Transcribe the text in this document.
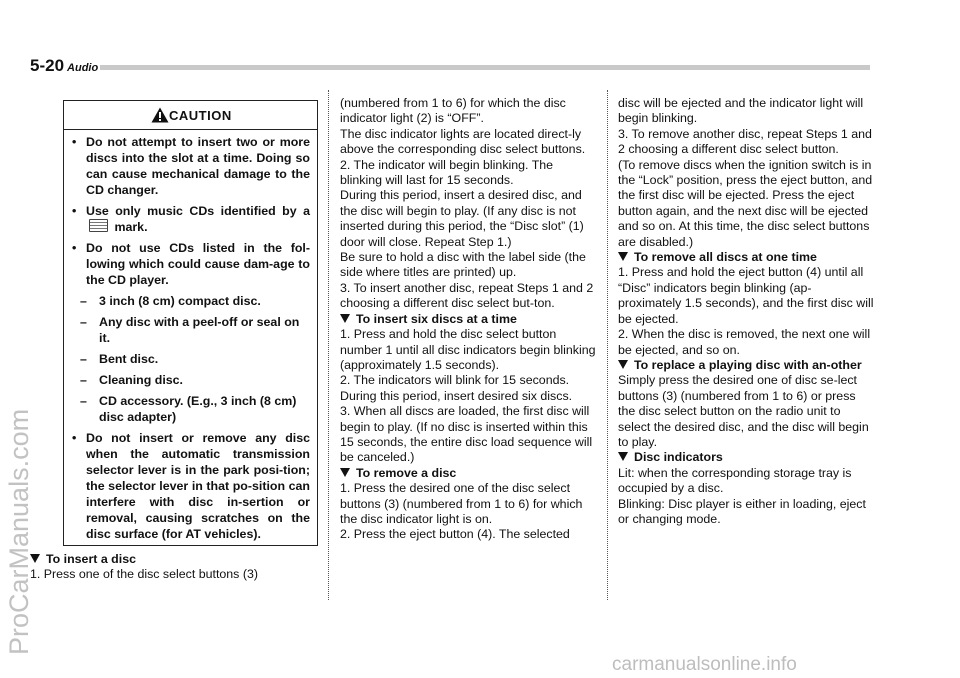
5-20 Audio
CAUTION
• Do not attempt to insert two or more discs into the slot at a time. Doing so can cause mechanical damage to the CD changer.
• Use only music CDs identified by a  mark.
• Do not use CDs listed in the fol-lowing which could cause dam-age to the CD player.
– 3 inch (8 cm) compact disc.
– Any disc with a peel-off or seal on it.
– Bent disc.
– Cleaning disc.
– CD accessory. (E.g., 3 inch (8 cm) disc adapter)
• Do not insert or remove any disc when the automatic transmission selector lever is in the park posi-tion; the selector lever in that po-sition can interfere with disc in-sertion or removal, causing scratches on the disc surface (for AT vehicles).

To insert a disc

1. Press one of the disc select buttons (3)

(numbered from 1 to 6) for which the disc indicator light (2) is “OFF”.

The disc indicator lights are located direct-ly above the corresponding disc select buttons.

2. The indicator will begin blinking. The blinking will last for 15 seconds.

During this period, insert a desired disc, and the disc will begin to play. (If any disc is not inserted during this period, the “Disc slot” (1) door will close. Repeat Step 1.)

Be sure to hold a disc with the label side (the side where titles are printed) up.

3. To insert another disc, repeat Steps 1 and 2 choosing a different disc select but-ton.

To insert six discs at a time

1. Press and hold the disc select button number 1 until all disc indicators begin blinking (approximately 1.5 seconds).

2. The indicators will blink for 15 seconds. During this period, insert desired six discs.

3. When all discs are loaded, the first disc will begin to play. (If no disc is inserted within this 15 seconds, the entire disc load sequence will be canceled.)

To remove a disc

1. Press the desired one of the disc select buttons (3) (numbered from 1 to 6) for which the disc indicator light is on.

2. Press the eject button (4). The selected

disc will be ejected and the indicator light will begin blinking.

3. To remove another disc, repeat Steps 1 and 2 choosing a different disc select button.

(To remove discs when the ignition switch is in the “Lock” position, press the eject button, and the first disc will be ejected. Press the eject button again, and the next disc will be ejected and so on. At this time, the disc select buttons are disabled.)

To remove all discs at one time

1. Press and hold the eject button (4) until all “Disc” indicators begin blinking (ap-proximately 1.5 seconds), and the first disc will be ejected.

2. When the disc is removed, the next one will be ejected, and so on.

To replace a playing disc with an-other

Simply press the desired one of disc se-lect buttons (3) (numbered from 1 to 6) or press the disc select button on the radio unit to select the desired disc, and the disc will begin to play.

Disc indicators

Lit: when the corresponding storage tray is occupied by a disc.

Blinking: Disc player is either in loading, eject or changing mode.

ProCarManuals.com
carmanualsonline.info
